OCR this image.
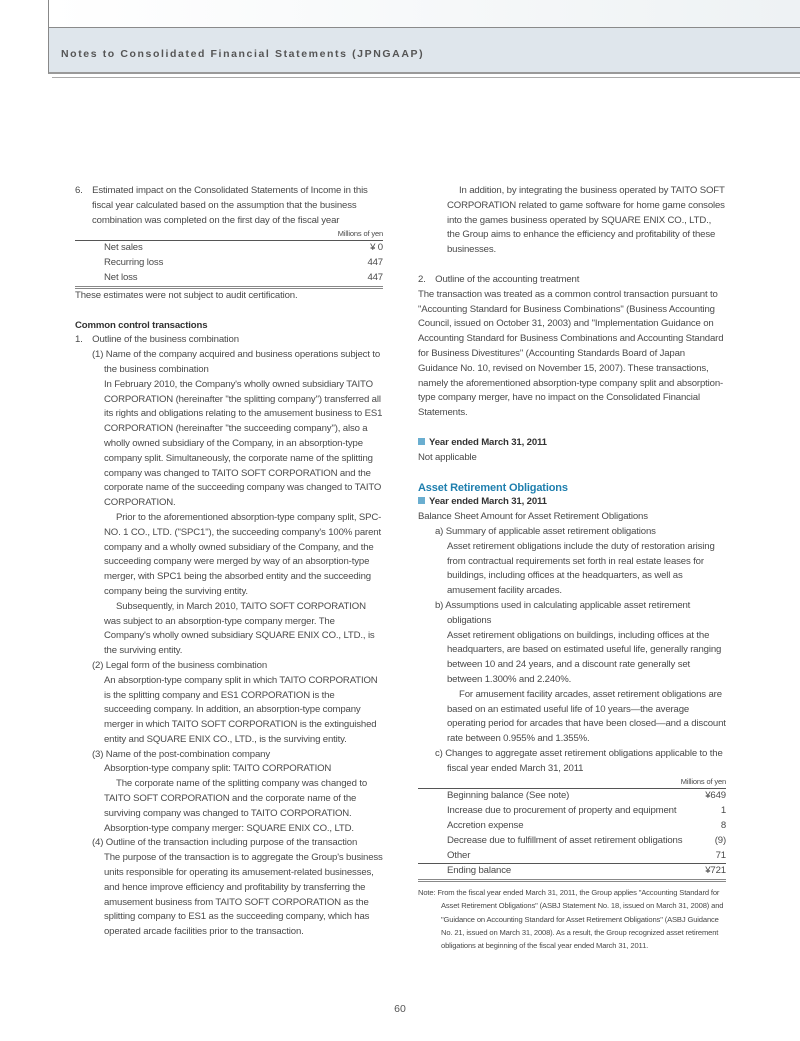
Notes to Consolidated Financial Statements (JPNGAAP)

6. Estimated impact on the Consolidated Statements of Income in this fiscal year calculated based on the assumption that the business combination was completed on the first day of the fiscal year

Millions of yen
Net sales	¥ 0
Recurring loss	447
Net loss	447

These estimates were not subject to audit certification.

Common control transactions

1. Outline of the business combination

(1) Name of the company acquired and business operations subject to the business combination

In February 2010, the Company's wholly owned subsidiary TAITO CORPORATION (hereinafter "the splitting company") transferred all its rights and obligations relating to the amusement business to ES1 CORPORATION (hereinafter "the succeeding company"), also a wholly owned subsidiary of the Company, in an absorption-type company split. Simultaneously, the corporate name of the splitting company was changed to TAITO SOFT CORPORATION and the corporate name of the succeeding company was changed to TAITO CORPORATION.

Prior to the aforementioned absorption-type company split, SPC-NO. 1 CO., LTD. ("SPC1"), the succeeding company's 100% parent company and a wholly owned subsidiary of the Company, and the succeeding company were merged by way of an absorption-type merger, with SPC1 being the absorbed entity and the succeeding company being the surviving entity.

Subsequently, in March 2010, TAITO SOFT CORPORATION was subject to an absorption-type company merger. The Company's wholly owned subsidiary SQUARE ENIX CO., LTD., is the surviving entity.

(2) Legal form of the business combination

An absorption-type company split in which TAITO CORPORATION is the splitting company and ES1 CORPORATION is the succeeding company. In addition, an absorption-type company merger in which TAITO SOFT CORPORATION is the extinguished entity and SQUARE ENIX CO., LTD., is the surviving entity.

(3) Name of the post-combination company

Absorption-type company split: TAITO CORPORATION

The corporate name of the splitting company was changed to TAITO SOFT CORPORATION and the corporate name of the surviving company was changed to TAITO CORPORATION.

Absorption-type company merger: SQUARE ENIX CO., LTD.

(4) Outline of the transaction including purpose of the transaction

The purpose of the transaction is to aggregate the Group's business units responsible for operating its amusement-related businesses, and hence improve efficiency and profitability by transferring the amusement business from TAITO SOFT CORPORATION as the splitting company to ES1 as the succeeding company, which has operated arcade facilities prior to the transaction.

In addition, by integrating the business operated by TAITO SOFT CORPORATION related to game software for home game consoles into the games business operated by SQUARE ENIX CO., LTD., the Group aims to enhance the efficiency and profitability of these businesses.

2. Outline of the accounting treatment

The transaction was treated as a common control transaction pursuant to "Accounting Standard for Business Combinations" (Business Accounting Council, issued on October 31, 2003) and "Implementation Guidance on Accounting Standard for Business Combinations and Accounting Standard for Business Divestitures" (Accounting Standards Board of Japan Guidance No. 10, revised on November 15, 2007). These transactions, namely the aforementioned absorption-type company split and absorption-type company merger, have no impact on the Consolidated Financial Statements.

Year ended March 31, 2011

Not applicable

Asset Retirement Obligations

Year ended March 31, 2011

Balance Sheet Amount for Asset Retirement Obligations

a) Summary of applicable asset retirement obligations

Asset retirement obligations include the duty of restoration arising from contractual requirements set forth in real estate leases for buildings, including offices at the headquarters, as well as amusement facility arcades.

b) Assumptions used in calculating applicable asset retirement obligations

Asset retirement obligations on buildings, including offices at the headquarters, are based on estimated useful life, generally ranging between 10 and 24 years, and a discount rate generally set between 1.300% and 2.240%.

For amusement facility arcades, asset retirement obligations are based on an estimated useful life of 10 years—the average operating period for arcades that have been closed—and a discount rate between 0.955% and 1.355%.

c) Changes to aggregate asset retirement obligations applicable to the fiscal year ended March 31, 2011

Millions of yen
Beginning balance (See note)	¥649
Increase due to procurement of property and equipment	1
Accretion expense	8
Decrease due to fulfillment of asset retirement obligations	(9)
Other	71
Ending balance	¥721

Note: From the fiscal year ended March 31, 2011, the Group applies "Accounting Standard for Asset Retirement Obligations" (ASBJ Statement No. 18, issued on March 31, 2008) and "Guidance on Accounting Standard for Asset Retirement Obligations" (ASBJ Guidance No. 21, issued on March 31, 2008). As a result, the Group recognized asset retirement obligations at beginning of the fiscal year ended March 31, 2011.

60
